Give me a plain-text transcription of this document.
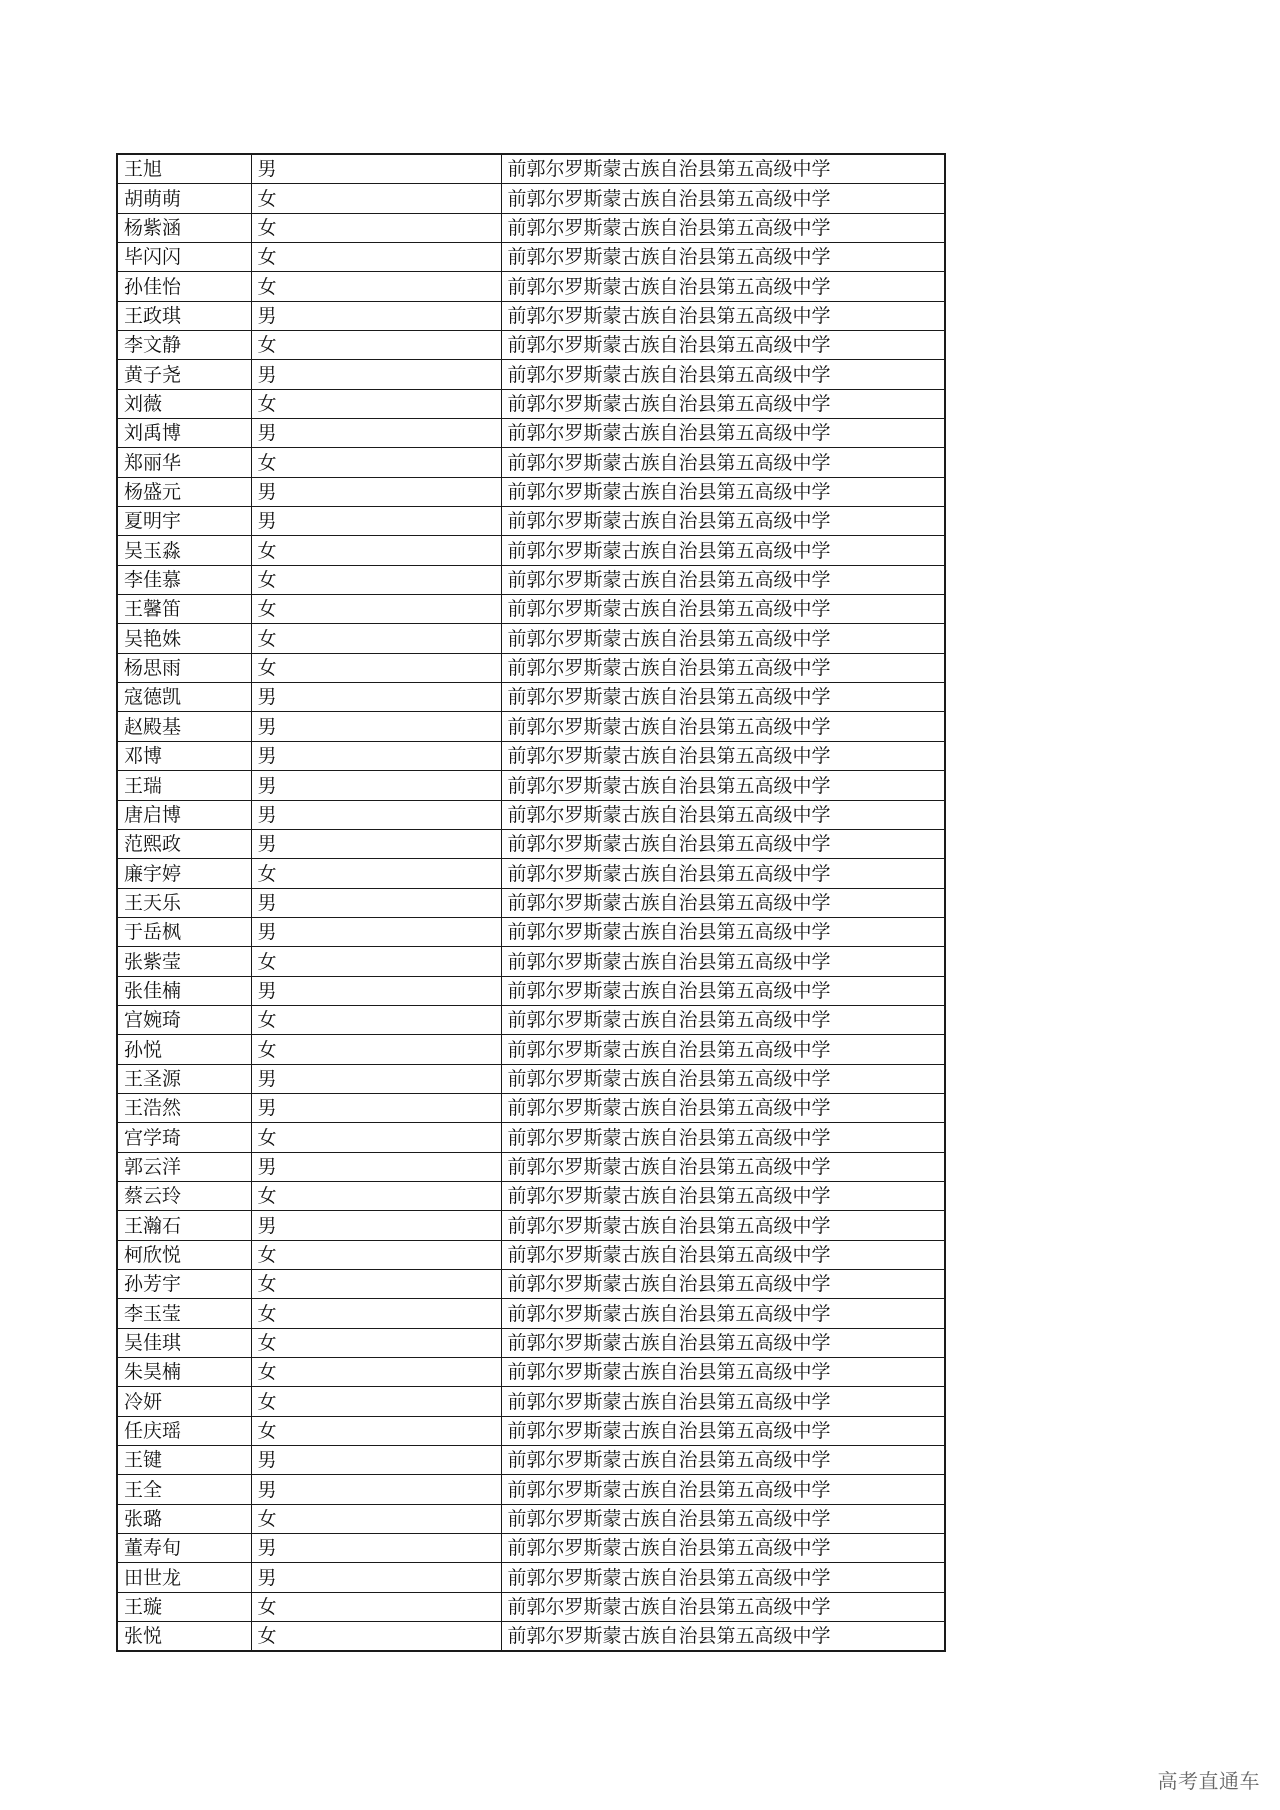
王旭	男	前郭尔罗斯蒙古族自治县第五高级中学
胡萌萌	女	前郭尔罗斯蒙古族自治县第五高级中学
杨紫涵	女	前郭尔罗斯蒙古族自治县第五高级中学
毕闪闪	女	前郭尔罗斯蒙古族自治县第五高级中学
孙佳怡	女	前郭尔罗斯蒙古族自治县第五高级中学
王政琪	男	前郭尔罗斯蒙古族自治县第五高级中学
李文静	女	前郭尔罗斯蒙古族自治县第五高级中学
黄子尧	男	前郭尔罗斯蒙古族自治县第五高级中学
刘薇	女	前郭尔罗斯蒙古族自治县第五高级中学
刘禹博	男	前郭尔罗斯蒙古族自治县第五高级中学
郑丽华	女	前郭尔罗斯蒙古族自治县第五高级中学
杨盛元	男	前郭尔罗斯蒙古族自治县第五高级中学
夏明宇	男	前郭尔罗斯蒙古族自治县第五高级中学
吴玉淼	女	前郭尔罗斯蒙古族自治县第五高级中学
李佳慕	女	前郭尔罗斯蒙古族自治县第五高级中学
王馨笛	女	前郭尔罗斯蒙古族自治县第五高级中学
吴艳姝	女	前郭尔罗斯蒙古族自治县第五高级中学
杨思雨	女	前郭尔罗斯蒙古族自治县第五高级中学
寇德凯	男	前郭尔罗斯蒙古族自治县第五高级中学
赵殿基	男	前郭尔罗斯蒙古族自治县第五高级中学
邓博	男	前郭尔罗斯蒙古族自治县第五高级中学
王瑞	男	前郭尔罗斯蒙古族自治县第五高级中学
唐启博	男	前郭尔罗斯蒙古族自治县第五高级中学
范熙政	男	前郭尔罗斯蒙古族自治县第五高级中学
廉宇婷	女	前郭尔罗斯蒙古族自治县第五高级中学
王天乐	男	前郭尔罗斯蒙古族自治县第五高级中学
于岳枫	男	前郭尔罗斯蒙古族自治县第五高级中学
张紫莹	女	前郭尔罗斯蒙古族自治县第五高级中学
张佳楠	男	前郭尔罗斯蒙古族自治县第五高级中学
宫婉琦	女	前郭尔罗斯蒙古族自治县第五高级中学
孙悦	女	前郭尔罗斯蒙古族自治县第五高级中学
王圣源	男	前郭尔罗斯蒙古族自治县第五高级中学
王浩然	男	前郭尔罗斯蒙古族自治县第五高级中学
宫学琦	女	前郭尔罗斯蒙古族自治县第五高级中学
郭云洋	男	前郭尔罗斯蒙古族自治县第五高级中学
蔡云玲	女	前郭尔罗斯蒙古族自治县第五高级中学
王瀚石	男	前郭尔罗斯蒙古族自治县第五高级中学
柯欣悦	女	前郭尔罗斯蒙古族自治县第五高级中学
孙芳宇	女	前郭尔罗斯蒙古族自治县第五高级中学
李玉莹	女	前郭尔罗斯蒙古族自治县第五高级中学
吴佳琪	女	前郭尔罗斯蒙古族自治县第五高级中学
朱昊楠	女	前郭尔罗斯蒙古族自治县第五高级中学
冷妍	女	前郭尔罗斯蒙古族自治县第五高级中学
任庆瑶	女	前郭尔罗斯蒙古族自治县第五高级中学
王键	男	前郭尔罗斯蒙古族自治县第五高级中学
王全	男	前郭尔罗斯蒙古族自治县第五高级中学
张璐	女	前郭尔罗斯蒙古族自治县第五高级中学
董寿旬	男	前郭尔罗斯蒙古族自治县第五高级中学
田世龙	男	前郭尔罗斯蒙古族自治县第五高级中学
王璇	女	前郭尔罗斯蒙古族自治县第五高级中学
张悦	女	前郭尔罗斯蒙古族自治县第五高级中学
高考直通车
